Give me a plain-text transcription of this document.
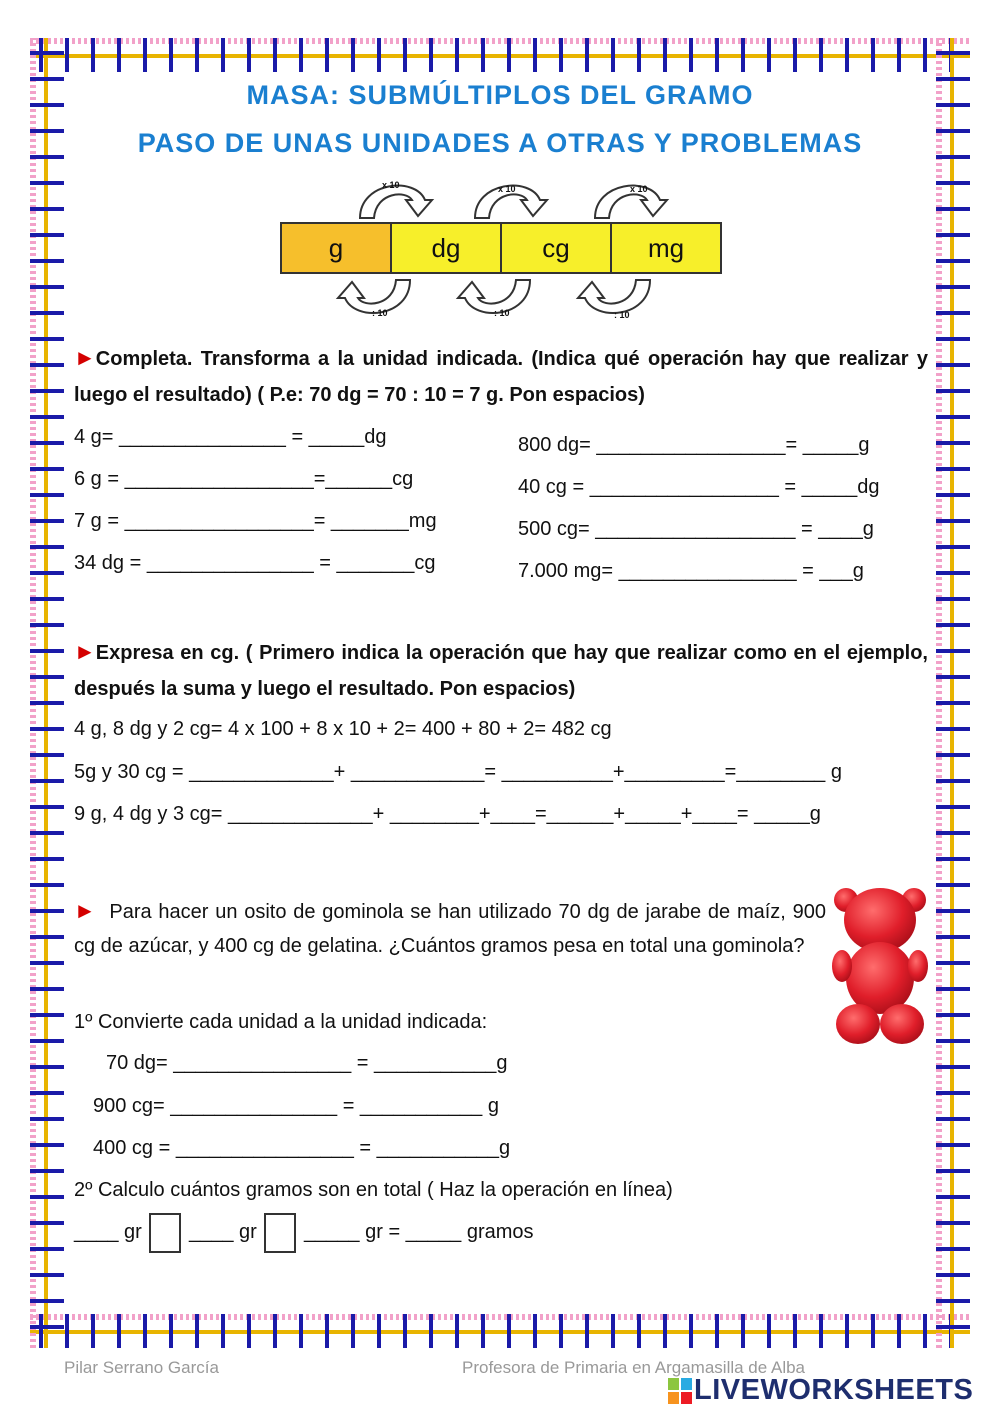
MASA: SUBMÚLTIPLOS DEL GRAMO
PASO DE UNAS UNIDADES A OTRAS Y PROBLEMAS
x 10	x 10	x 10
g	dg	cg	mg
: 10	: 10	: 10
►Completa. Transforma a la unidad indicada. (Indica qué operación hay que realizar y luego el resultado) ( P.e: 70 dg = 70 : 10 = 7 g. Pon espacios)
4 g= _______________ = _____dg
6 g = _________________=______cg
7 g = _________________= _______mg
34 dg = _______________ = _______cg
800 dg= _________________= _____g
40 cg = _________________ = _____dg
500 cg= __________________ = ____g
7.000 mg= ________________ = ___g
►Expresa en cg. ( Primero indica la operación que hay que realizar como en el ejemplo, después la suma y luego el resultado. Pon espacios)
4 g, 8 dg y 2 cg= 4 x 100 + 8 x 10 + 2= 400 + 80 + 2= 482 cg
5g y 30 cg = _____________+ ____________= __________+_________=________ g
9 g, 4 dg y 3 cg= _____________+ ________+____=______+_____+____= _____g
► Para hacer un osito de gominola se han utilizado 70 dg de jarabe de maíz, 900 cg de azúcar, y 400 cg de gelatina. ¿Cuántos gramos pesa en total una gominola?
1º Convierte cada unidad a la unidad indicada:
70 dg= ________________ = ___________g
900 cg= _______________ = ___________ g
400 cg = ________________ = ___________g
2º Calculo cuántos gramos son en total ( Haz la operación en línea)
____ gr ____ gr _____ gr = _____ gramos
Pilar Serrano García	Profesora de Primaria en Argamasilla de Alba
LIVEWORKSHEETS
